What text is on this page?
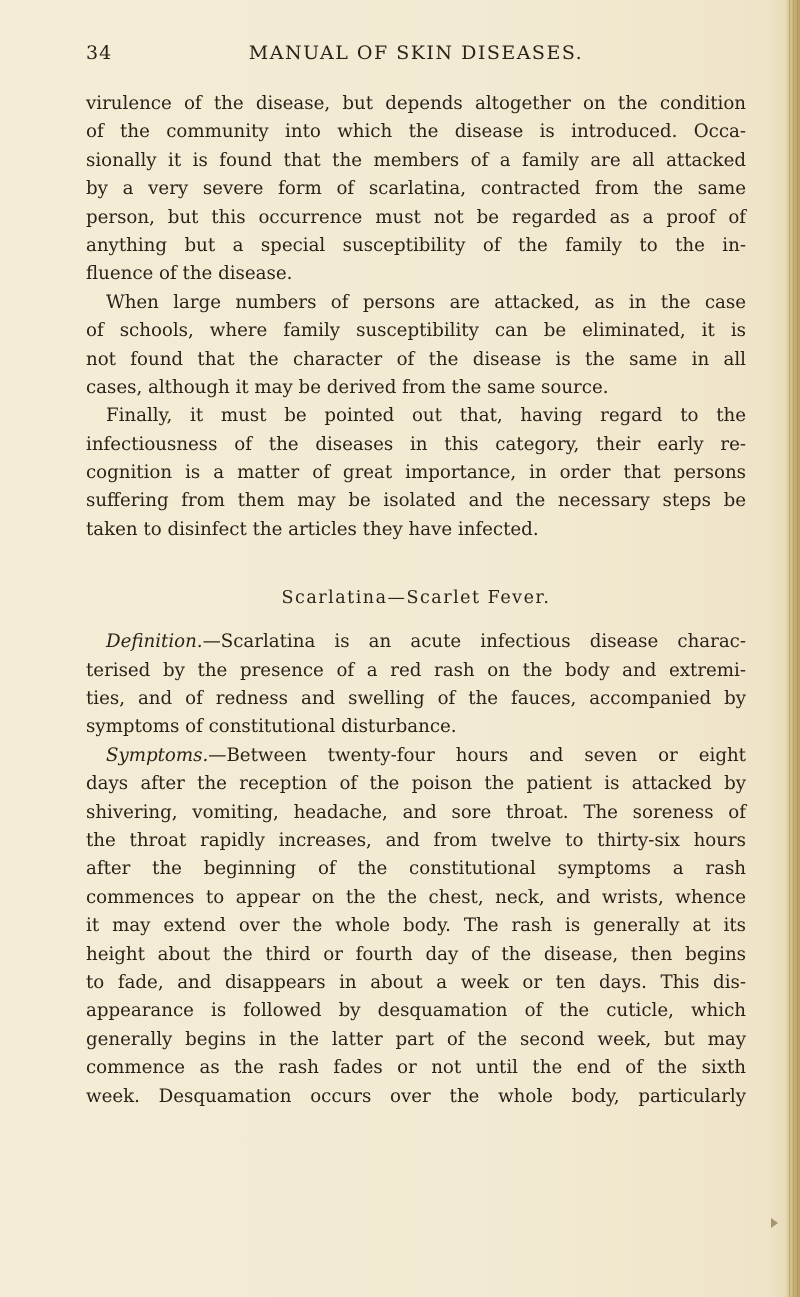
34	MANUAL OF SKIN DISEASES.
virulence of the disease, but depends altogether on the condition
of the community into which the disease is introduced. Occa-
sionally it is found that the members of a family are all attacked
by a very severe form of scarlatina, contracted from the same
person, but this occurrence must not be regarded as a proof of
anything but a special susceptibility of the family to the in-
fluence of the disease.
When large numbers of persons are attacked, as in the case
of schools, where family susceptibility can be eliminated, it is
not found that the character of the disease is the same in all
cases, although it may be derived from the same source.
Finally, it must be pointed out that, having regard to the
infectiousness of the diseases in this category, their early re-
cognition is a matter of great importance, in order that persons
suffering from them may be isolated and the necessary steps be
taken to disinfect the articles they have infected.
Scarlatina—Scarlet Fever.
Definition.—Scarlatina is an acute infectious disease charac-
terised by the presence of a red rash on the body and extremi-
ties, and of redness and swelling of the fauces, accompanied by
symptoms of constitutional disturbance.
Symptoms.—Between twenty-four hours and seven or eight
days after the reception of the poison the patient is attacked by
shivering, vomiting, headache, and sore throat. The soreness of
the throat rapidly increases, and from twelve to thirty-six hours
after the beginning of the constitutional symptoms a rash
commences to appear on the the chest, neck, and wrists, whence
it may extend over the whole body. The rash is generally at its
height about the third or fourth day of the disease, then begins
to fade, and disappears in about a week or ten days. This dis-
appearance is followed by desquamation of the cuticle, which
generally begins in the latter part of the second week, but may
commence as the rash fades or not until the end of the sixth
week. Desquamation occurs over the whole body, particularly
